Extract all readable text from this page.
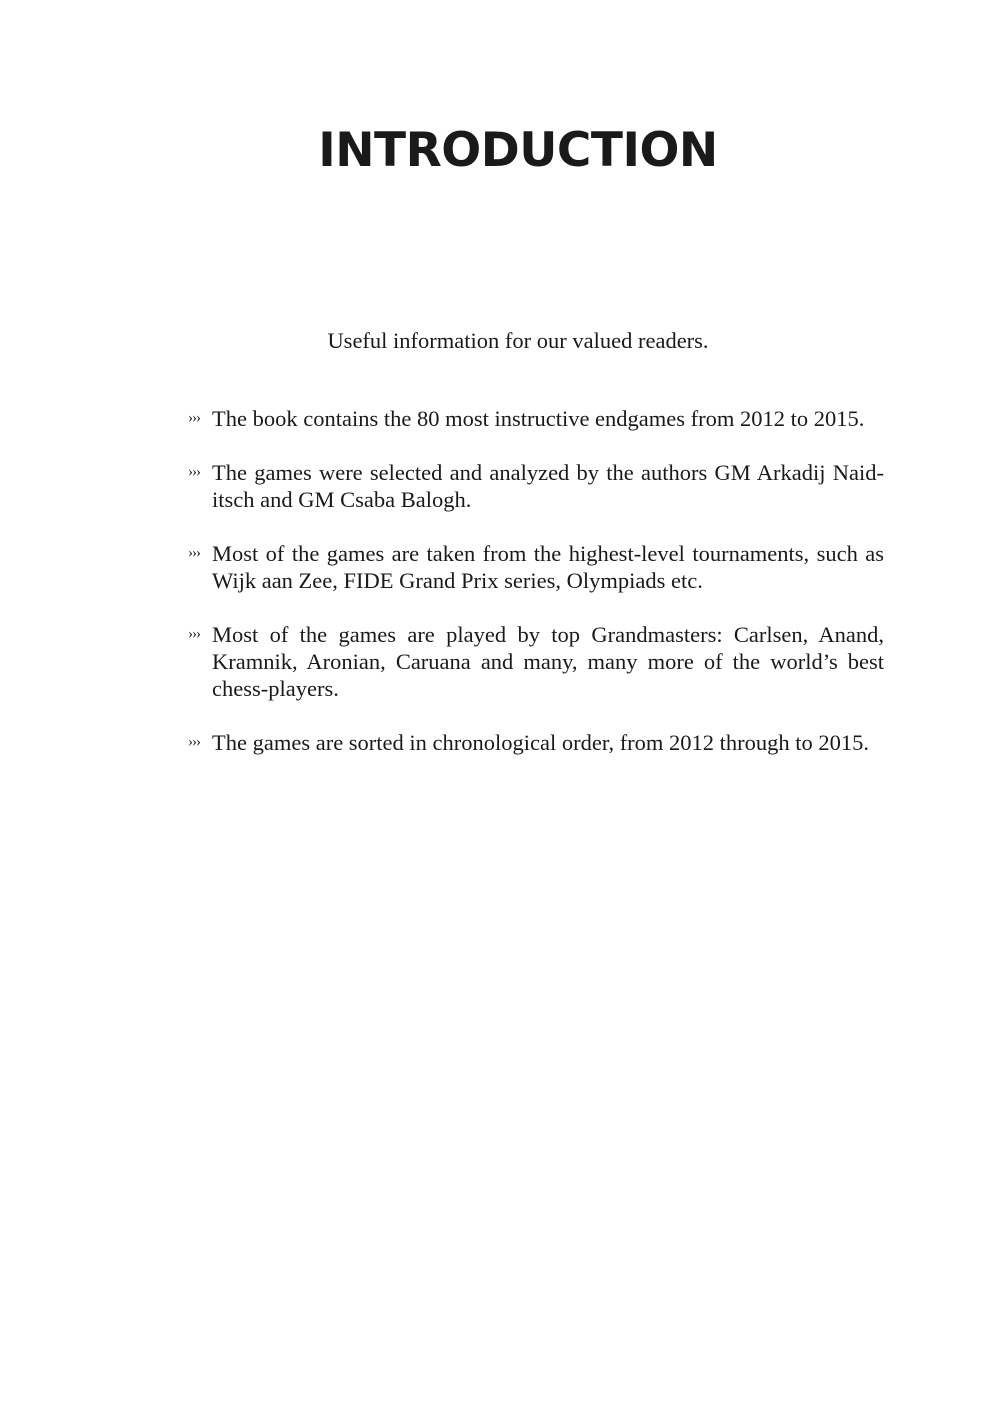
INTRODUCTION

Useful information for our valued readers.

››› The book contains the 80 most instructive endgames from 2012 to 2015.
››› The games were selected and analyzed by the authors GM Arkadij Naid-itsch and GM Csaba Balogh.
››› Most of the games are taken from the highest-level tournaments, such as Wijk aan Zee, FIDE Grand Prix series, Olympiads etc.
››› Most of the games are played by top Grandmasters: Carlsen, Anand, Kramnik, Aronian, Caruana and many, many more of the world’s best chess-players.
››› The games are sorted in chronological order, from 2012 through to 2015.
